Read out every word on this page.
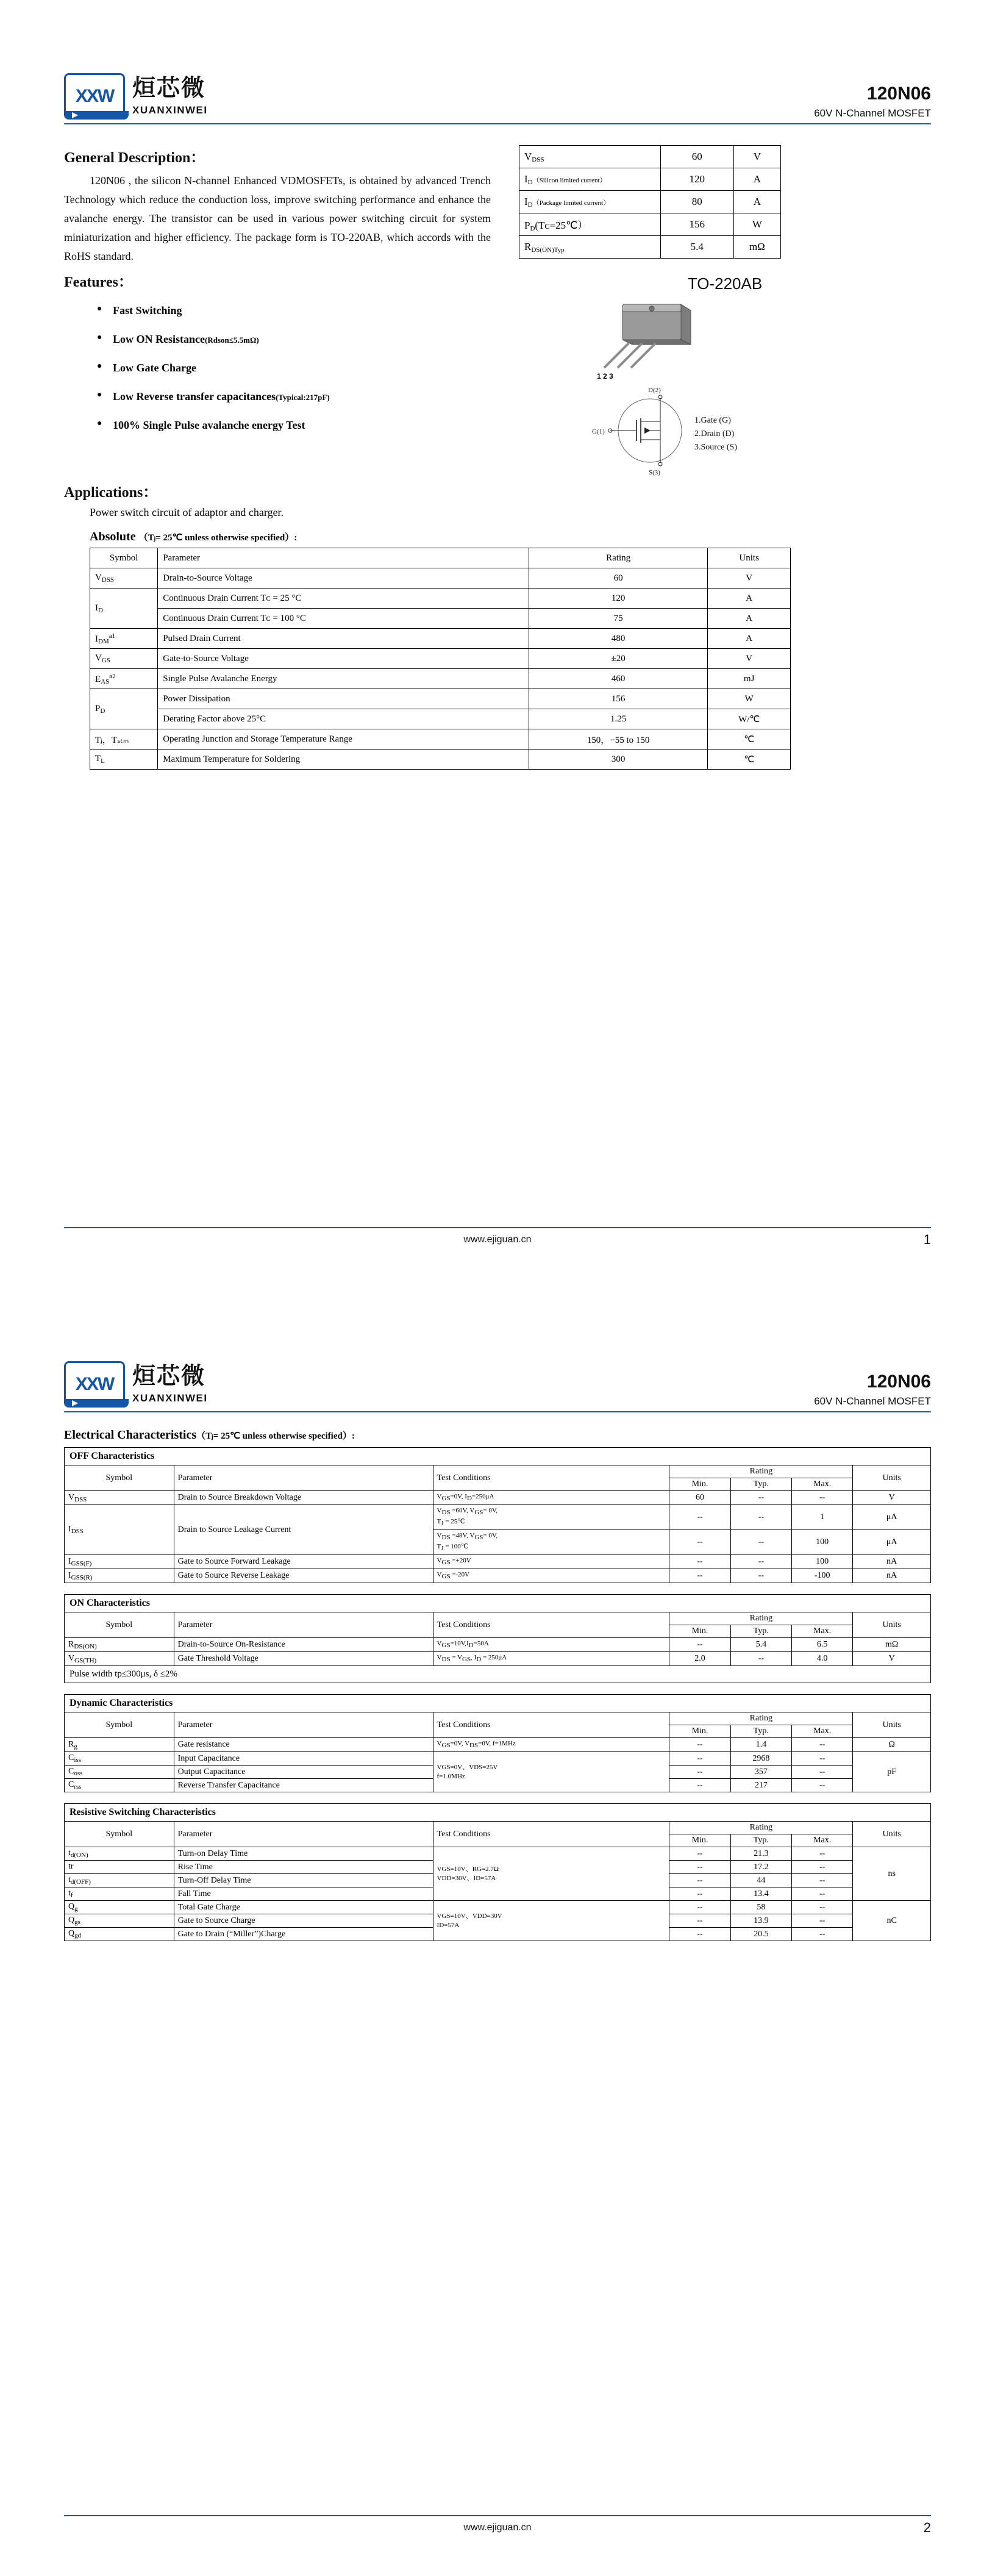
XXW 烜芯微
XUANXINWEI
120N06
60V N-Channel MOSFET
General Description：
120N06 , the silicon N-channel Enhanced VDMOSFETs, is obtained by advanced Trench Technology which reduce the conduction loss, improve switching performance and enhance the avalanche energy. The transistor can be used in various power switching circuit for system miniaturization and higher efficiency. The package form is TO-220AB, which accords with the RoHS standard.
Features：
● Fast Switching
● Low ON Resistance(Rdson≤5.5mΩ)
● Low Gate Charge
● Low Reverse transfer capacitances(Typical:217pF)
● 100% Single Pulse avalanche energy Test
$V_{DSS}$	60	V
$I_D(Silicon$ limited current）	120	A
$I_D(Package$ limited current）	80	A
$P_D(Tᴄ=25℃)$	156	W
$R_{DS(ON)Typ}$	5.4	mΩ
TO-220AB
1 2 3
D(2)
G(1)
S(3)
1.Gate (G)
2.Drain (D)
3.Source (S)
Applications：
Power switch circuit of adaptor and charger.
Absolute （Tⱼ= 25℃ unless otherwise specified）:
Symbol	Parameter	Rating	Units
$V_{DSS}$	Drain-to-Source Voltage	60	V
$I_D$	Continuous Drain Current Tᴄ = 25 °C	120	A
	Continuous Drain Current Tᴄ = 100 °C	75	A
$I_{DM}^{a1}$	Pulsed Drain Current	480	A
$V_{GS}$	Gate-to-Source Voltage	±20	V
$E_{AS}^{a2}$	Single Pulse Avalanche Energy	460	mJ
$P_D$	Power Dissipation	156	W
	Derating Factor above 25°C	1.25	W/℃
Tⱼ，Tₛₜₘ	Operating Junction and Storage Temperature Range	150，−55 to 150	℃
$T_L$	Maximum Temperature for Soldering	300	℃
www.ejiguan.cn	1
XXW 烜芯微
XUANXINWEI
120N06
60V N-Channel MOSFET
Electrical Characteristics（Tⱼ= 25℃ unless otherwise specified）:
OFF Characteristics						
Symbol	Parameter	Test Conditions	Rating			Units
			Min.	Typ.	Max.	
$V_{DSS}$	Drain to Source Breakdown Voltage	VGS=0V, ID=250μA	60	--	--	V
$I_{DSS}$	Drain to Source Leakage Current	VDS =60V, VGS= 0V,
TJ = 25℃	--	--	1	μA
		VDS =48V, VGS= 0V,
TJ = 100℃	--	--	100	μA
$I_{GSS(F)}$	Gate to Source Forward Leakage	VGS =+20V	--	--	100	nA
$I_{GSS(R)}$	Gate to Source Reverse Leakage	VGS =-20V	--	--	-100	nA
ON Characteristics						
Symbol	Parameter	Test Conditions	Rating			Units
			Min.	Typ.	Max.	
$R_{DS(ON)}$	Drain-to-Source On-Resistance	VGS=10V,ID=50A	--	5.4	6.5	mΩ
$V_{GS(TH)}$	Gate Threshold Voltage	VDS = VGS, ID = 250μA	2.0	--	4.0	V
Pulse width tp≤300μs, δ ≤2%						
Dynamic Characteristics						
Symbol	Parameter	Test Conditions	Rating			Units
			Min.	Typ.	Max.	
$R_g$	Gate resistance	VGS=0V, VDS=0V, f=1MHz	--	1.4	--	Ω
$C_{iss}$	Input Capacitance	VGS=0V、VDS=25V
f=1.0MHz	--	2968	--	pF
$C_{oss}$	Output Capacitance		--	357	--	
$C_{rss}$	Reverse Transfer Capacitance		--	217	--	
Resistive Switching Characteristics						
Symbol	Parameter	Test Conditions	Rating			Units
			Min.	Typ.	Max.	
$t_{d(ON)}$	Turn-on Delay Time	VGS=10V、RG=2.7Ω
VDD=30V、ID=57A	--	21.3	--	ns
tr	Rise Time		--	17.2	--	
$t_{d(OFF)}$	Turn-Off Delay Time		--	44	--	
$t_f$	Fall Time		--	13.4	--	
$Q_g$	Total Gate Charge	VGS=10V、VDD=30V
ID=57A	--	58	--	nC
$Q_{gs}$	Gate to Source Charge		--	13.9	--	
$Q_{gd}$	Gate to Drain (“Miller”)Charge		--	20.5	--	
www.ejiguan.cn	2
